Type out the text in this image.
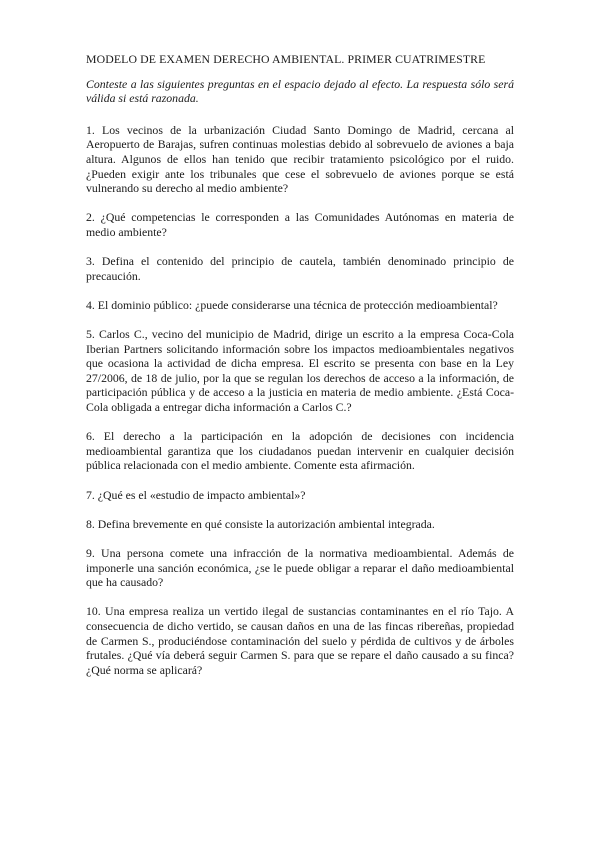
MODELO DE EXAMEN DERECHO AMBIENTAL. PRIMER CUATRIMESTRE

Conteste a las siguientes preguntas en el espacio dejado al efecto. La respuesta sólo será válida si está razonada.

1. Los vecinos de la urbanización Ciudad Santo Domingo de Madrid, cercana al Aeropuerto de Barajas, sufren continuas molestias debido al sobrevuelo de aviones a baja altura. Algunos de ellos han tenido que recibir tratamiento psicológico por el ruido. ¿Pueden exigir ante los tribunales que cese el sobrevuelo de aviones porque se está vulnerando su derecho al medio ambiente?
2. ¿Qué competencias le corresponden a las Comunidades Autónomas en materia de medio ambiente?
3. Defina el contenido del principio de cautela, también denominado principio de precaución.
4. El dominio público: ¿puede considerarse una técnica de protección medioambiental?
5. Carlos C., vecino del municipio de Madrid, dirige un escrito a la empresa Coca-Cola Iberian Partners solicitando información sobre los impactos medioambientales negativos que ocasiona la actividad de dicha empresa. El escrito se presenta con base en la Ley 27/2006, de 18 de julio, por la que se regulan los derechos de acceso a la información, de participación pública y de acceso a la justicia en materia de medio ambiente. ¿Está Coca-Cola obligada a entregar dicha información a Carlos C.?
6. El derecho a la participación en la adopción de decisiones con incidencia medioambiental garantiza que los ciudadanos puedan intervenir en cualquier decisión pública relacionada con el medio ambiente. Comente esta afirmación.
7. ¿Qué es el «estudio de impacto ambiental»?
8. Defina brevemente en qué consiste la autorización ambiental integrada.
9. Una persona comete una infracción de la normativa medioambiental. Además de imponerle una sanción económica, ¿se le puede obligar a reparar el daño medioambiental que ha causado?
10. Una empresa realiza un vertido ilegal de sustancias contaminantes en el río Tajo. A consecuencia de dicho vertido, se causan daños en una de las fincas ribereñas, propiedad de Carmen S., produciéndose contaminación del suelo y pérdida de cultivos y de árboles frutales. ¿Qué vía deberá seguir Carmen S. para que se repare el daño causado a su finca? ¿Qué norma se aplicará?
